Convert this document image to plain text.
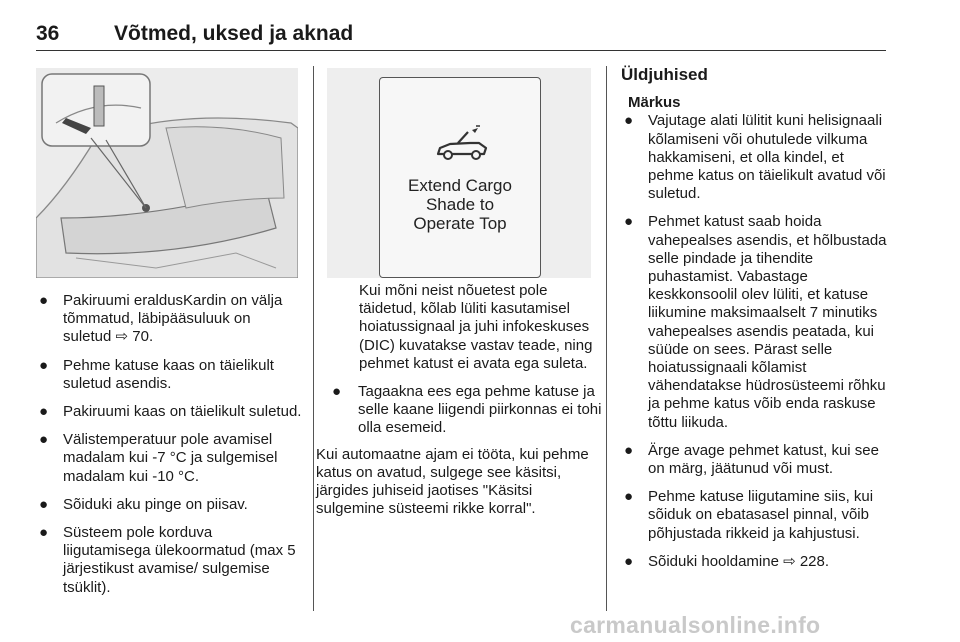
36	Võtmed, uksed ja aknad
● Pakiruumi eraldusKardin on välja tõmmatud, läbipääsuluuk on suletud ⇨ 70.
● Pehme katuse kaas on täielikult suletud asendis.
● Pakiruumi kaas on täielikult suletud.
● Välistemperatuur pole avamisel madalam kui -7 °C ja sulgemisel madalam kui -10 °C.
● Sõiduki aku pinge on piisav.
● Süsteem pole korduva liigutamisega ülekoormatud (max 5 järjestikust avamise/ sulgemise tsüklit).
Extend Cargo
Shade to
Operate Top
Kui mõni neist nõuetest pole täidetud, kõlab lüliti kasutamisel hoiatussignaal ja juhi infokeskuses (DIC) kuvatakse vastav teade, ning pehmet katust ei avata ega suleta.
● Tagaakna ees ega pehme katuse ja selle kaane liigendi piirkonnas ei tohi olla esemeid.
Kui automaatne ajam ei tööta, kui pehme katus on avatud, sulgege see käsitsi, järgides juhiseid jaotises "Käsitsi sulgemine süsteemi rikke korral".
Üldjuhised
Märkus
● Vajutage alati lülitit kuni helisignaali kõlamiseni või ohutulede vilkuma hakkamiseni, et olla kindel, et pehme katus on täielikult avatud või suletud.
● Pehmet katust saab hoida vahepealses asendis, et hõlbustada selle pindade ja tihendite puhastamist. Vabastage keskkonsoolil olev lüliti, et katuse liikumine maksimaalselt 7 minutiks vahepealses asendis peatada, kui süüde on sees. Pärast selle hoiatussignaali kõlamist vähendatakse hüdrosüsteemi rõhku ja pehme katus võib enda raskuse tõttu liikuda.
● Ärge avage pehmet katust, kui see on märg, jäätunud või must.
● Pehme katuse liigutamine siis, kui sõiduk on ebatasasel pinnal, võib põhjustada rikkeid ja kahjustusi.
● Sõiduki hooldamine ⇨ 228.
carmanualsonline.info
